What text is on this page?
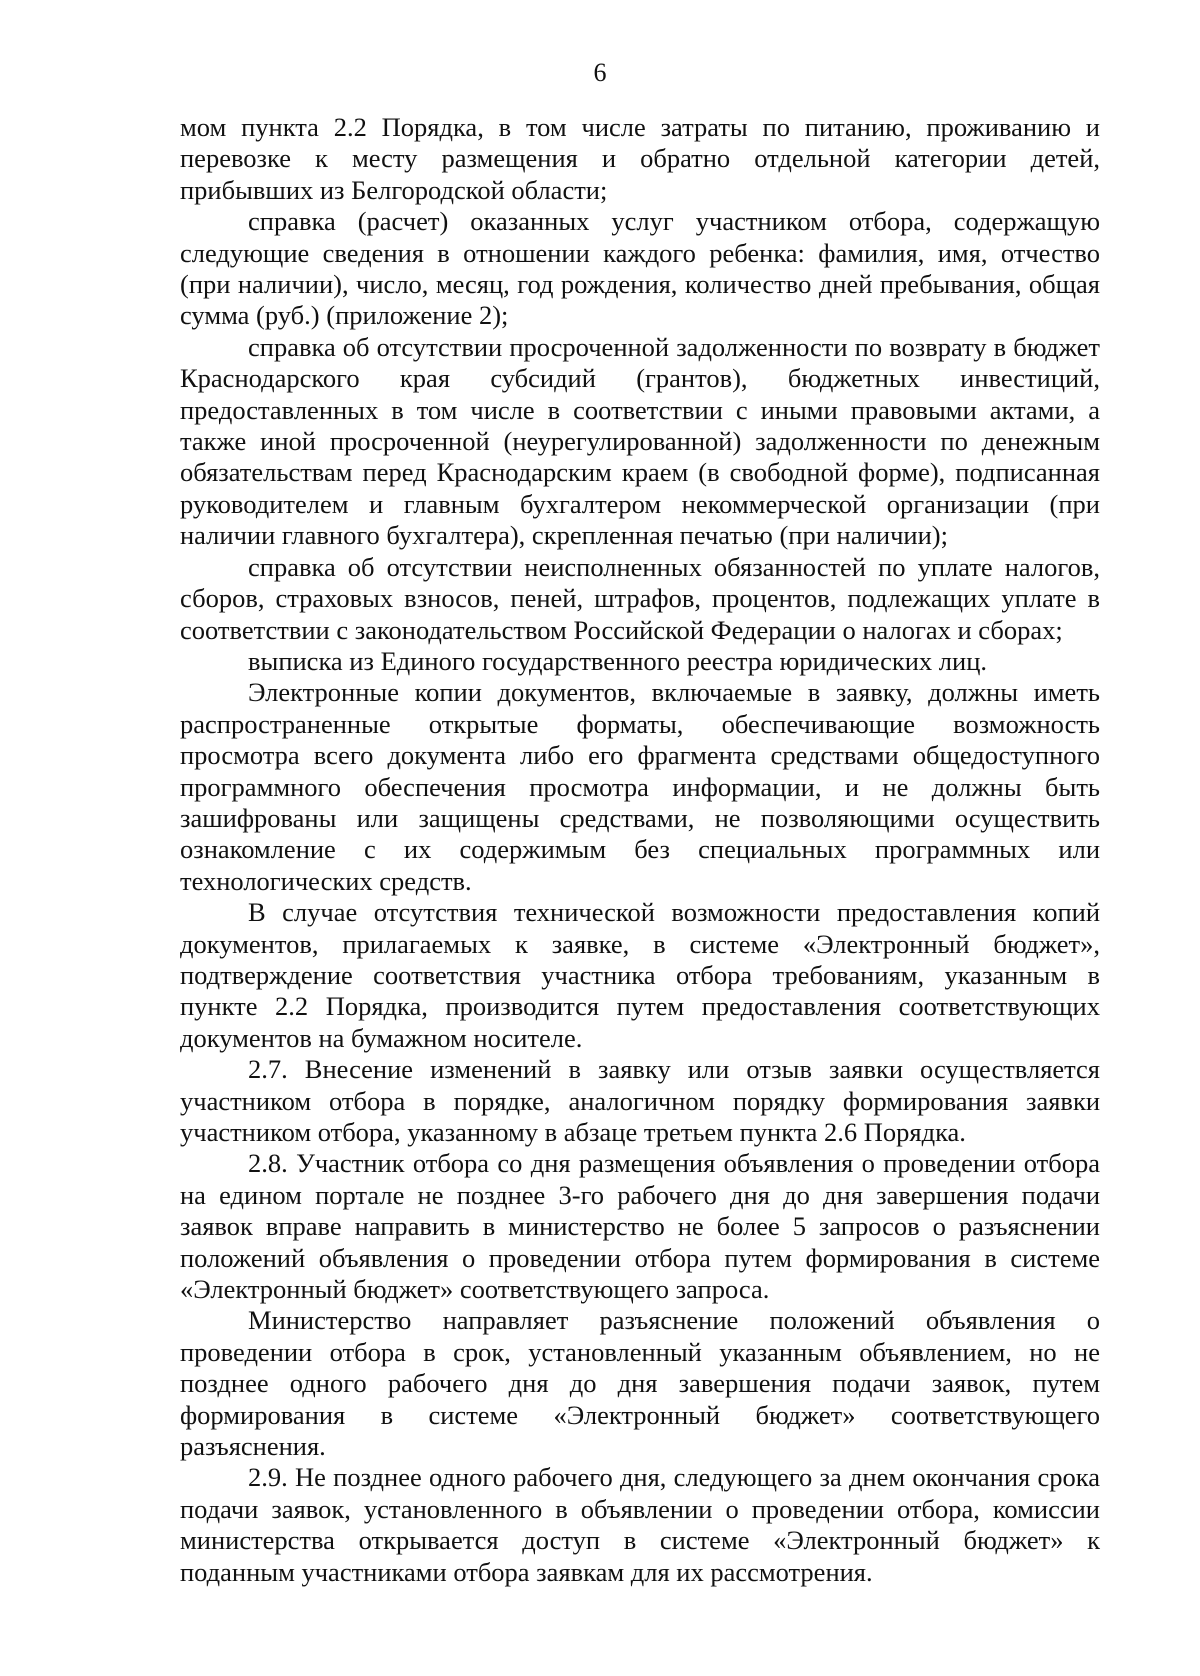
6

мом пункта 2.2 Порядка, в том числе затраты по питанию, проживанию и перевозке к месту размещения и обратно отдельной категории детей, прибывших из Белгородской области;

справка (расчет) оказанных услуг участником отбора, содержащую следующие сведения в отношении каждого ребенка: фамилия, имя, отчество (при наличии), число, месяц, год рождения, количество дней пребывания, общая сумма (руб.) (приложение 2);

справка об отсутствии просроченной задолженности по возврату в бюджет Краснодарского края субсидий (грантов), бюджетных инвестиций, предоставленных в том числе в соответствии с иными правовыми актами, а также иной просроченной (неурегулированной) задолженности по денежным обязательствам перед Краснодарским краем (в свободной форме), подписанная руководителем и главным бухгалтером некоммерческой организации (при наличии главного бухгалтера), скрепленная печатью (при наличии);

справка об отсутствии неисполненных обязанностей по уплате налогов, сборов, страховых взносов, пеней, штрафов, процентов, подлежащих уплате в соответствии с законодательством Российской Федерации о налогах и сборах;

выписка из Единого государственного реестра юридических лиц.

Электронные копии документов, включаемые в заявку, должны иметь распространенные открытые форматы, обеспечивающие возможность просмотра всего документа либо его фрагмента средствами общедоступного программного обеспечения просмотра информации, и не должны быть зашифрованы или защищены средствами, не позволяющими осуществить ознакомление с их содержимым без специальных программных или технологических средств.

В случае отсутствия технической возможности предоставления копий документов, прилагаемых к заявке, в системе «Электронный бюджет», подтверждение соответствия участника отбора требованиям, указанным в пункте 2.2 Порядка, производится путем предоставления соответствующих документов на бумажном носителе.

2.7. Внесение изменений в заявку или отзыв заявки осуществляется участником отбора в порядке, аналогичном порядку формирования заявки участником отбора, указанному в абзаце третьем пункта 2.6 Порядка.

2.8. Участник отбора со дня размещения объявления о проведении отбора на едином портале не позднее 3-го рабочего дня до дня завершения подачи заявок вправе направить в министерство не более 5 запросов о разъяснении положений объявления о проведении отбора путем формирования в системе «Электронный бюджет» соответствующего запроса.

Министерство направляет разъяснение положений объявления о проведении отбора в срок, установленный указанным объявлением, но не позднее одного рабочего дня до дня завершения подачи заявок, путем формирования в системе «Электронный бюджет» соответствующего разъяснения.

2.9. Не позднее одного рабочего дня, следующего за днем окончания срока подачи заявок, установленного в объявлении о проведении отбора, комиссии министерства открывается доступ в системе «Электронный бюджет» к поданным участниками отбора заявкам для их рассмотрения.
